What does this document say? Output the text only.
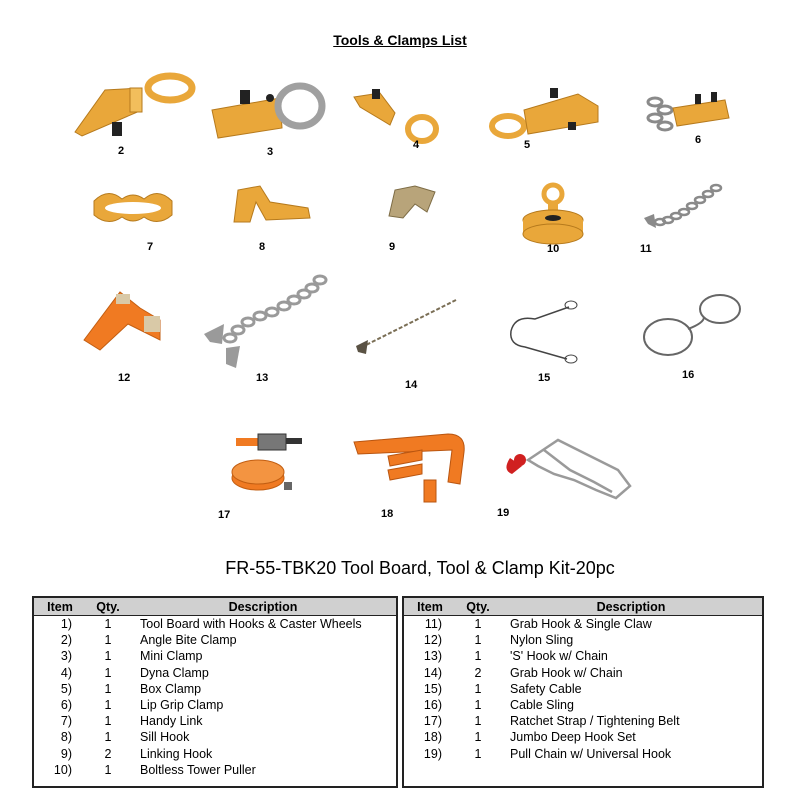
Tools & Clamps List
2	3
4	5	6
7	8	9	10	11
12	13
14
15	16
17	18	19
FR-55-TBK20 Tool Board, Tool & Clamp Kit-20pc
Item	Qty.	Description
1)	1	Tool Board with Hooks & Caster Wheels
2)	1	Angle Bite Clamp
3)	1	Mini Clamp
4)	1	Dyna Clamp
5)	1	Box Clamp
6)	1	Lip Grip Clamp
7)	1	Handy Link
8)	1	Sill Hook
9)	2	Linking Hook
10)	1	Boltless Tower Puller
Item	Qty.	Description
11)	1	Grab Hook & Single Claw
12)	1	Nylon Sling
13)	1	'S' Hook w/ Chain
14)	2	Grab Hook w/ Chain
15)	1	Safety Cable
16)	1	Cable Sling
17)	1	Ratchet Strap / Tightening Belt
18)	1	Jumbo Deep Hook Set
19)	1	Pull Chain w/ Universal Hook
